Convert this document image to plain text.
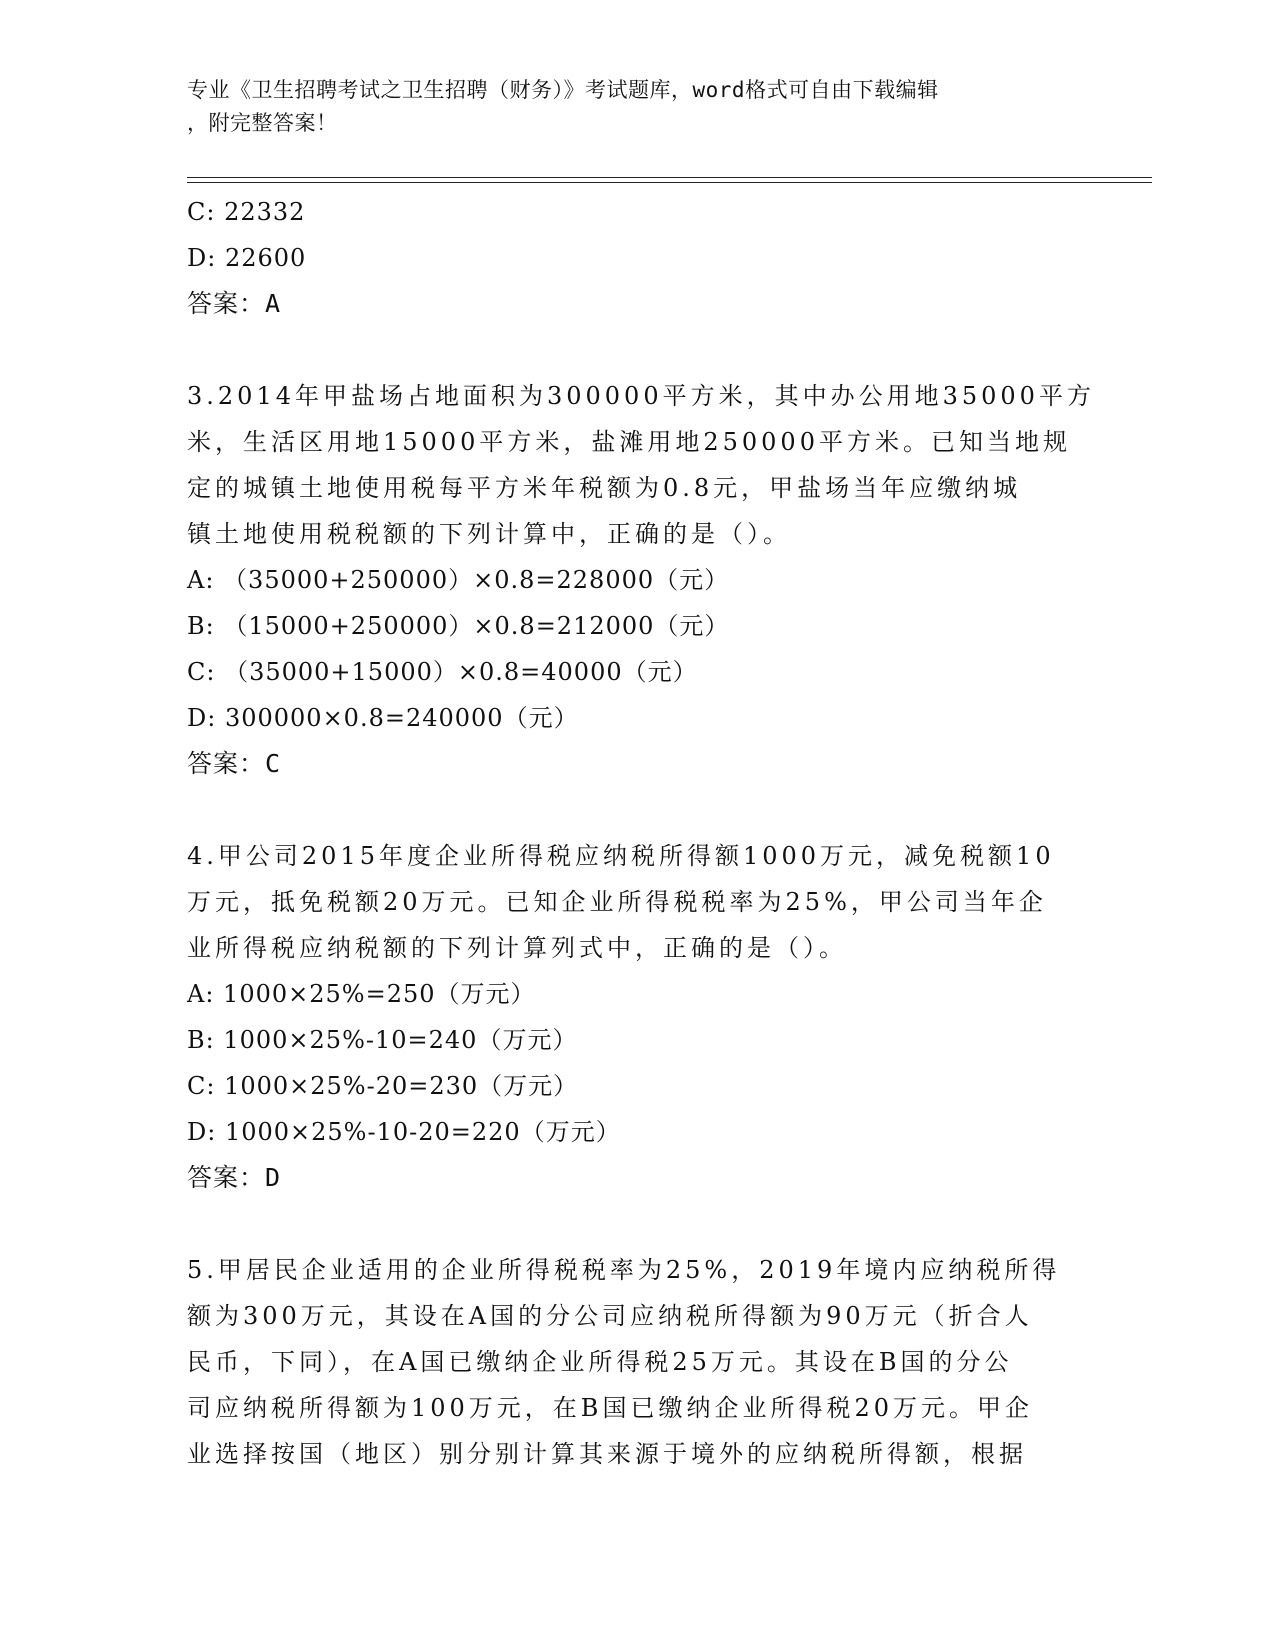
专业《卫生招聘考试之卫生招聘（财务）》考试题库，word格式可自由下载编辑
，附完整答案！
C: 22332
D: 22600
答案：A
3.2014年甲盐场占地面积为300000平方米，其中办公用地35000平方
米，生活区用地15000平方米，盐滩用地250000平方米。已知当地规
定的城镇土地使用税每平方米年税额为0.8元，甲盐场当年应缴纳城
镇土地使用税税额的下列计算中，正确的是（）。
A: （35000+250000）×0.8=228000（元）
B: （15000+250000）×0.8=212000（元）
C: （35000+15000）×0.8=40000（元）
D: 300000×0.8=240000（元）
答案：C
4.甲公司2015年度企业所得税应纳税所得额1000万元，减免税额10
万元，抵免税额20万元。已知企业所得税税率为25%，甲公司当年企
业所得税应纳税额的下列计算列式中，正确的是（）。
A: 1000×25%=250（万元）
B: 1000×25%-10=240（万元）
C: 1000×25%-20=230（万元）
D: 1000×25%-10-20=220（万元）
答案：D
5.甲居民企业适用的企业所得税税率为25%，2019年境内应纳税所得
额为300万元，其设在A国的分公司应纳税所得额为90万元（折合人
民币，下同），在A国已缴纳企业所得税25万元。其设在B国的分公
司应纳税所得额为100万元，在B国已缴纳企业所得税20万元。甲企
业选择按国（地区）别分别计算其来源于境外的应纳税所得额，根据
